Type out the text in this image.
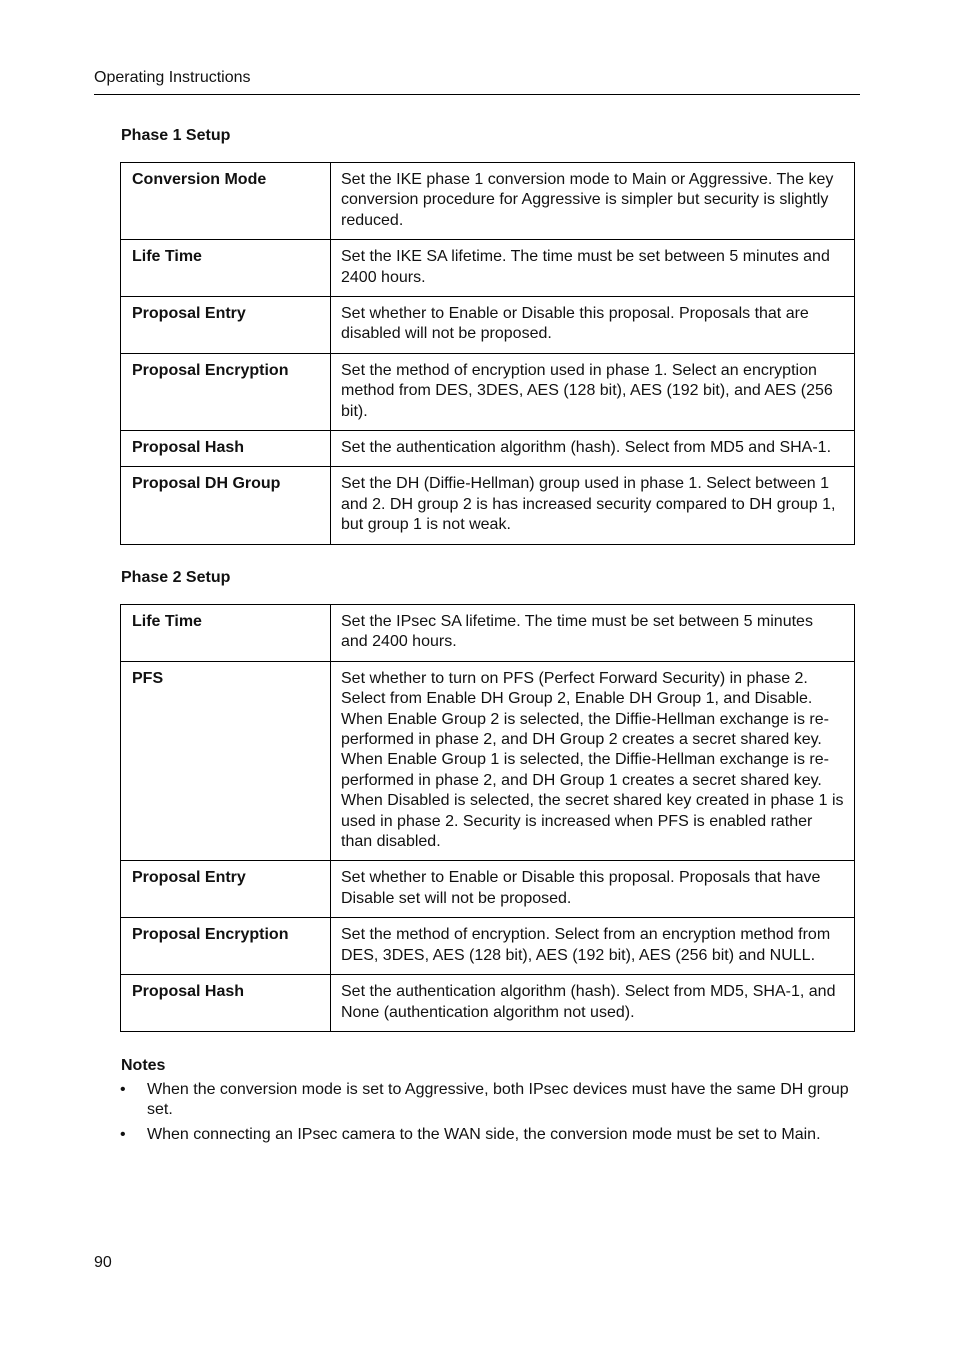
Operating Instructions
Phase 1 Setup
Conversion Mode	Set the IKE phase 1 conversion mode to Main or Aggressive. The key conversion procedure for Aggressive is simpler but security is slightly reduced.
Life Time	Set the IKE SA lifetime. The time must be set between 5 minutes and 2400 hours.
Proposal Entry	Set whether to Enable or Disable this proposal. Proposals that are disabled will not be proposed.
Proposal Encryption	Set the method of encryption used in phase 1. Select an encryption method from DES, 3DES, AES (128 bit), AES (192 bit), and AES (256 bit).
Proposal Hash	Set the authentication algorithm (hash). Select from MD5 and SHA-1.
Proposal DH Group	Set the DH (Diffie-Hellman) group used in phase 1. Select between 1 and 2. DH group 2 is has increased security compared to DH group 1, but group 1 is not weak.
Phase 2 Setup
Life Time	Set the IPsec SA lifetime. The time must be set between 5 minutes and 2400 hours.
PFS	Set whether to turn on PFS (Perfect Forward Security) in phase 2. Select from Enable DH Group 2, Enable DH Group 1, and Disable. When Enable Group 2 is selected, the Diffie-Hellman exchange is re-performed in phase 2, and DH Group 2 creates a secret shared key. When Enable Group 1 is selected, the Diffie-Hellman exchange is re-performed in phase 2, and DH Group 1 creates a secret shared key. When Disabled is selected, the secret shared key created in phase 1 is used in phase 2. Security is increased when PFS is enabled rather than disabled.
Proposal Entry	Set whether to Enable or Disable this proposal. Proposals that have Disable set will not be proposed.
Proposal Encryption	Set the method of encryption. Select from an encryption method from DES, 3DES, AES (128 bit), AES (192 bit), AES (256 bit) and NULL.
Proposal Hash	Set the authentication algorithm (hash). Select from MD5, SHA-1, and None (authentication algorithm not used).
Notes
• When the conversion mode is set to Aggressive, both IPsec devices must have the same DH group set.
• When connecting an IPsec camera to the WAN side, the conversion mode must be set to Main.
90
